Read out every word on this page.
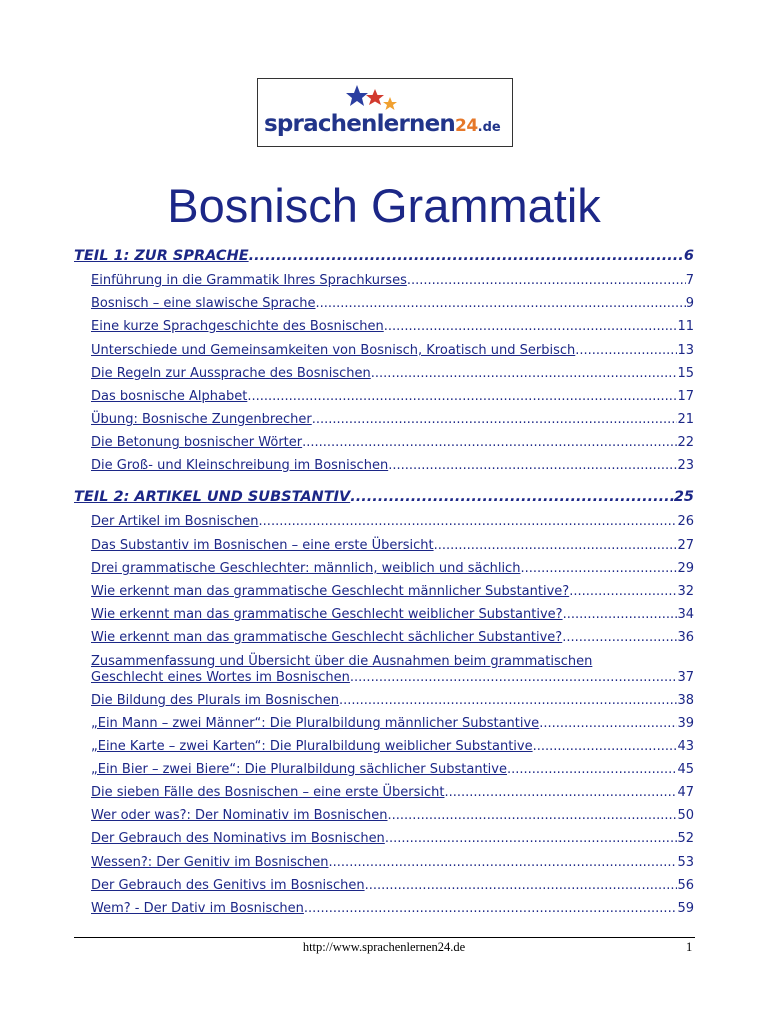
sprachenlernen24.de
Bosnisch Grammatik
TEIL 1: ZUR SPRACHE .....	6
Einführung in die Grammatik Ihres Sprachkurses .....	7
Bosnisch – eine slawische Sprache .....	9
Eine kurze Sprachgeschichte des Bosnischen .....	11
Unterschiede und Gemeinsamkeiten von Bosnisch, Kroatisch und Serbisch .....	13
Die Regeln zur Aussprache des Bosnischen .....	15
Das bosnische Alphabet .....	17
Übung: Bosnische Zungenbrecher .....	21
Die Betonung bosnischer Wörter .....	22
Die Groß- und Kleinschreibung im Bosnischen .....	23
TEIL 2: ARTIKEL UND SUBSTANTIV .....	25
Der Artikel im Bosnischen .....	26
Das Substantiv im Bosnischen – eine erste Übersicht .....	27
Drei grammatische Geschlechter: männlich, weiblich und sächlich .....	29
Wie erkennt man das grammatische Geschlecht männlicher Substantive? .....	32
Wie erkennt man das grammatische Geschlecht weiblicher Substantive? .....	34
Wie erkennt man das grammatische Geschlecht sächlicher Substantive? .....	36
Zusammenfassung und Übersicht über die Ausnahmen beim grammatischen
Geschlecht eines Wortes im Bosnischen .....	37
Die Bildung des Plurals im Bosnischen .....	38
„Ein Mann – zwei Männer“: Die Pluralbildung männlicher Substantive .....	39
„Eine Karte – zwei Karten“: Die Pluralbildung weiblicher Substantive .....	43
„Ein Bier – zwei Biere“: Die Pluralbildung sächlicher Substantive .....	45
Die sieben Fälle des Bosnischen – eine erste Übersicht .....	47
Wer oder was?: Der Nominativ im Bosnischen .....	50
Der Gebrauch des Nominativs im Bosnischen .....	52
Wessen?: Der Genitiv im Bosnischen .....	53
Der Gebrauch des Genitivs im Bosnischen .....	56
Wem? - Der Dativ im Bosnischen .....	59
http://www.sprachenlernen24.de	1
